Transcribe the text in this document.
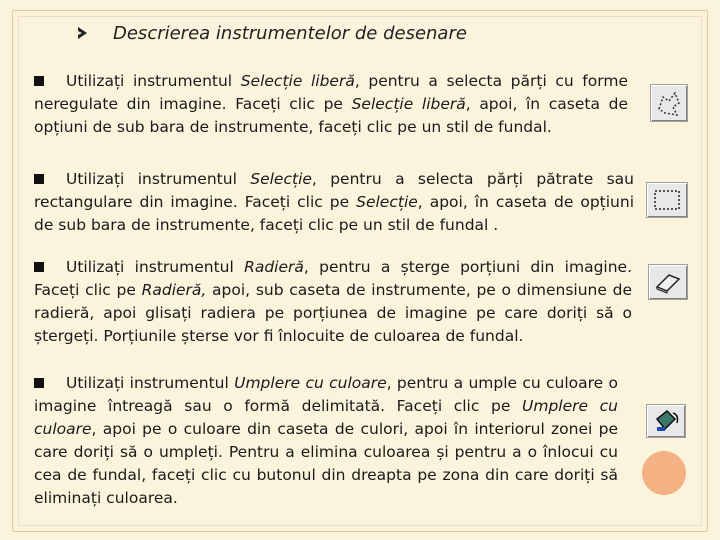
Descrierea instrumentelor de desenare
Utilizați instrumentul Selecție liberă, pentru a selecta părți cu forme neregulate din imagine. Faceți clic pe Selecție liberă, apoi, în caseta de opțiuni de sub bara de instrumente, faceți clic pe un stil de fundal.
Utilizați instrumentul Selecție, pentru a selecta părți pătrate sau rectangulare din imagine. Faceți clic pe Selecție, apoi, în caseta de opțiuni de sub bara de instrumente, faceți clic pe un stil de fundal .
Utilizați instrumentul Radieră, pentru a șterge porțiuni din imagine. Faceți clic pe Radieră, apoi, sub caseta de instrumente, pe o dimensiune de radieră, apoi glisați radiera pe porțiunea de imagine pe care doriți să o ștergeți. Porțiunile șterse vor fi înlocuite de culoarea de fundal.
Utilizați instrumentul Umplere cu culoare, pentru a umple cu culoare o imagine întreagă sau o formă delimitată. Faceți clic pe Umplere cu culoare, apoi pe o culoare din caseta de culori, apoi în interiorul zonei pe care doriți să o umpleți. Pentru a elimina culoarea și pentru a o înlocui cu cea de fundal, faceți clic cu butonul din dreapta pe zona din care doriți să eliminați culoarea.
